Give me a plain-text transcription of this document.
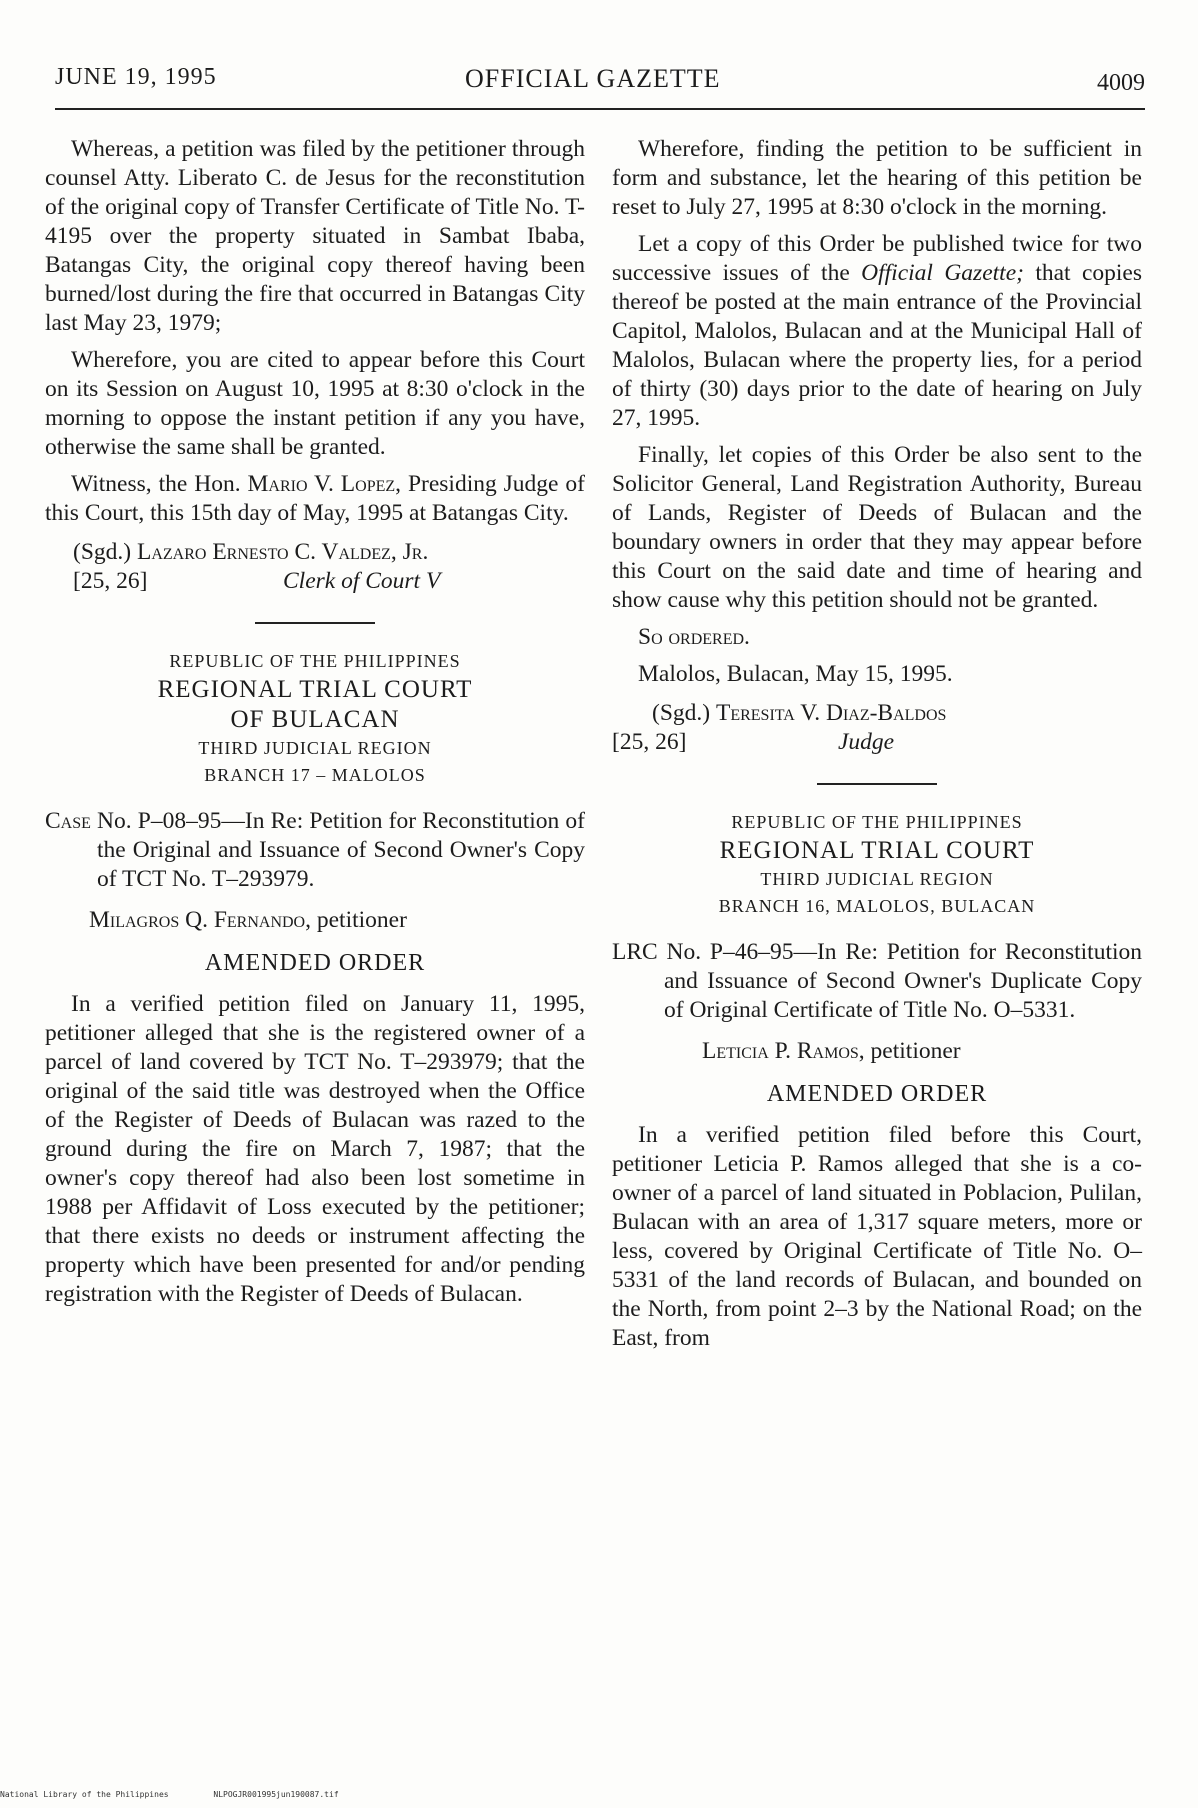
JUNE 19, 1995	OFFICIAL GAZETTE	4009

Whereas, a petition was filed by the petitioner through counsel Atty. Liberato C. de Jesus for the reconstitution of the original copy of Transfer Certificate of Title No. T-4195 over the property situated in Sambat Ibaba, Batangas City, the original copy thereof having been burned/lost during the fire that occurred in Batangas City last May 23, 1979;

Wherefore, you are cited to appear before this Court on its Session on August 10, 1995 at 8:30 o'clock in the morning to oppose the instant petition if any you have, otherwise the same shall be granted.

Witness, the Hon. Mario V. Lopez, Presiding Judge of this Court, this 15th day of May, 1995 at Batangas City.

(Sgd.) Lazaro Ernesto C. Valdez, Jr.

[25, 26]	Clerk of Court V

REPUBLIC OF THE PHILIPPINES

REGIONAL TRIAL COURT

OF BULACAN

THIRD JUDICIAL REGION

BRANCH 17 – MALOLOS

Case No. P–08–95—In Re: Petition for Reconstitution of the Original and Issuance of Second Owner's Copy of TCT No. T–293979.

Milagros Q. Fernando, petitioner

AMENDED ORDER

In a verified petition filed on January 11, 1995, petitioner alleged that she is the registered owner of a parcel of land covered by TCT No. T–293979; that the original of the said title was destroyed when the Office of the Register of Deeds of Bulacan was razed to the ground during the fire on March 7, 1987; that the owner's copy thereof had also been lost sometime in 1988 per Affidavit of Loss executed by the petitioner; that there exists no deeds or instrument affecting the property which have been presented for and/or pending registration with the Register of Deeds of Bulacan.

Wherefore, finding the petition to be sufficient in form and substance, let the hearing of this petition be reset to July 27, 1995 at 8:30 o'clock in the morning.

Let a copy of this Order be published twice for two successive issues of the Official Gazette; that copies thereof be posted at the main entrance of the Provincial Capitol, Malolos, Bulacan and at the Municipal Hall of Malolos, Bulacan where the property lies, for a period of thirty (30) days prior to the date of hearing on July 27, 1995.

Finally, let copies of this Order be also sent to the Solicitor General, Land Registration Authority, Bureau of Lands, Register of Deeds of Bulacan and the boundary owners in order that they may appear before this Court on the said date and time of hearing and show cause why this petition should not be granted.

So ordered.

Malolos, Bulacan, May 15, 1995.

(Sgd.) Teresita V. Diaz-Baldos

[25, 26]	Judge

REPUBLIC OF THE PHILIPPINES

REGIONAL TRIAL COURT

THIRD JUDICIAL REGION

BRANCH 16, MALOLOS, BULACAN

LRC No. P–46–95—In Re: Petition for Reconstitution and Issuance of Second Owner's Duplicate Copy of Original Certificate of Title No. O–5331.

Leticia P. Ramos, petitioner

AMENDED ORDER

In a verified petition filed before this Court, petitioner Leticia P. Ramos alleged that she is a co-owner of a parcel of land situated in Poblacion, Pulilan, Bulacan with an area of 1,317 square meters, more or less, covered by Original Certificate of Title No. O–5331 of the land records of Bulacan, and bounded on the North, from point 2–3 by the National Road; on the East, from

National Library of the Philippines	NLPOGJR001995jun190087.tif
